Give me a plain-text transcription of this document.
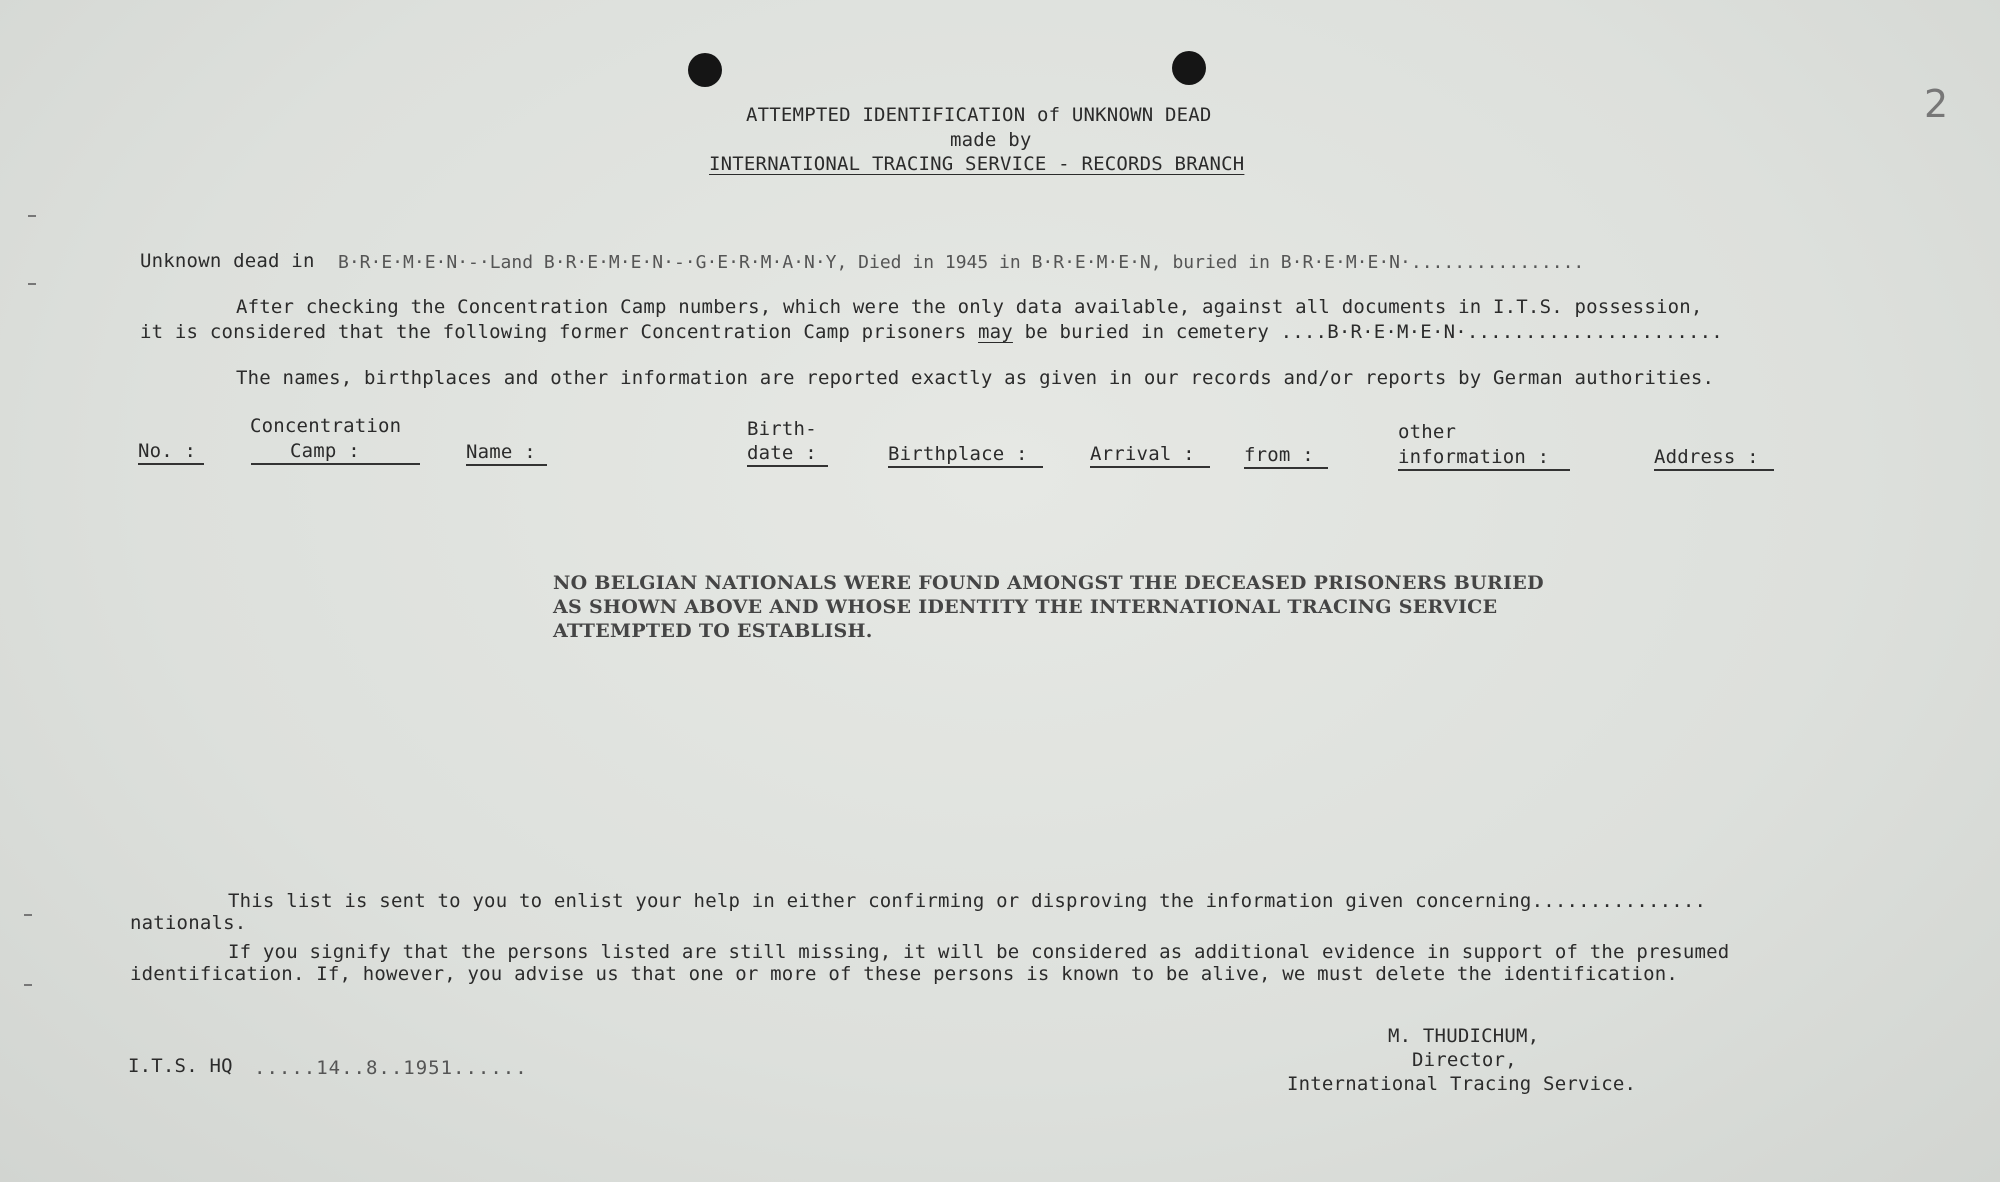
2
ATTEMPTED IDENTIFICATION of UNKNOWN DEAD
made by
INTERNATIONAL TRACING SERVICE - RECORDS BRANCH
Unknown dead in B·R·E·M·E·N·-·Land B·R·E·M·E·N·-·G·E·R·M·A·N·Y, Died in 1945 in B·R·E·M·E·N, buried in B·R·E·M·E·N·................
After checking the Concentration Camp numbers, which were the only data available, against all documents in I.T.S. possession,
it is considered that the following former Concentration Camp prisoners may be buried in cemetery ....B·R·E·M·E·N·......................
The names, birthplaces and other information are reported exactly as given in our records and/or reports by German authorities.
Concentration	Birth-	other
No. :	Camp :	Name :	date :	Birthplace :	Arrival :	from :	information :	Address :
NO BELGIAN NATIONALS WERE FOUND AMONGST THE DECEASED PRISONERS BURIED
AS SHOWN ABOVE AND WHOSE IDENTITY THE INTERNATIONAL TRACING SERVICE
ATTEMPTED TO ESTABLISH.
This list is sent to you to enlist your help in either confirming or disproving the information given concerning...............
nationals.
If you signify that the persons listed are still missing, it will be considered as additional evidence in support of the presumed
identification. If, however, you advise us that one or more of these persons is known to be alive, we must delete the identification.
I.T.S. HQ .....14..8..1951......
M. THUDICHUM,
Director,
International Tracing Service.
